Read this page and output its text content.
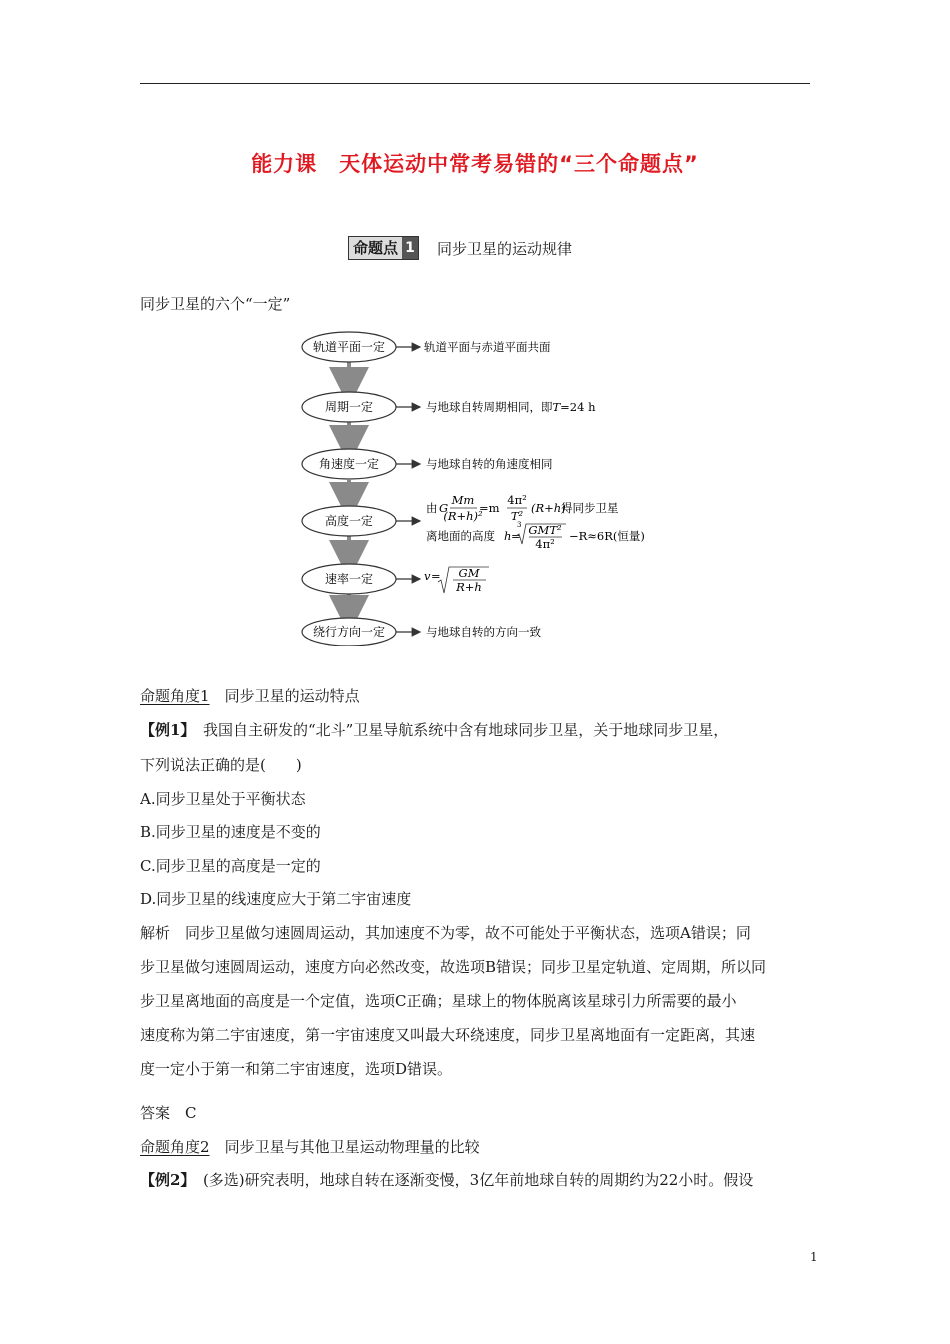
能力课　天体运动中常考易错的“三个命题点”
命题点 1 同步卫星的运动规律
同步卫星的六个“一定”
轨道平面一定
周期一定
角速度一定
高度一定
速率一定
绕行方向一定
轨道平面与赤道平面共面
与地球自转周期相同，即T=24 h
与地球自转的角速度相同
由 G
Mm
(R+h)²
=m
4π²
T²
(R+h)
得同步卫星
离地面的高度 h =
3 GMT²
4π²
−R≈6R(恒量)
v = GM
R+h
与地球自转的方向一致
命题角度1　 同步卫星的运动特点
【例1】　 我国自主研发的“北斗”卫星导航系统中含有地球同步卫星，关于地球同步卫星，
下列说法正确的是(　　)
A.同步卫星处于平衡状态
B.同步卫星的速度是不变的
C.同步卫星的高度是一定的
D.同步卫星的线速度应大于第二宇宙速度
解析　同步卫星做匀速圆周运动，其加速度不为零，故不可能处于平衡状态，选项A错误；同
步卫星做匀速圆周运动，速度方向必然改变，故选项B错误；同步卫星定轨道、定周期，所以同
步卫星离地面的高度是一个定值，选项C正确；星球上的物体脱离该星球引力所需要的最小
速度称为第二宇宙速度，第一宇宙速度又叫最大环绕速度，同步卫星离地面有一定距离，其速
度一定小于第一和第二宇宙速度，选项D错误。
答案　C
命题角度2　 同步卫星与其他卫星运动物理量的比较
【例2】　 (多选)研究表明，地球自转在逐渐变慢，3亿年前地球自转的周期约为22小时。假设
1
